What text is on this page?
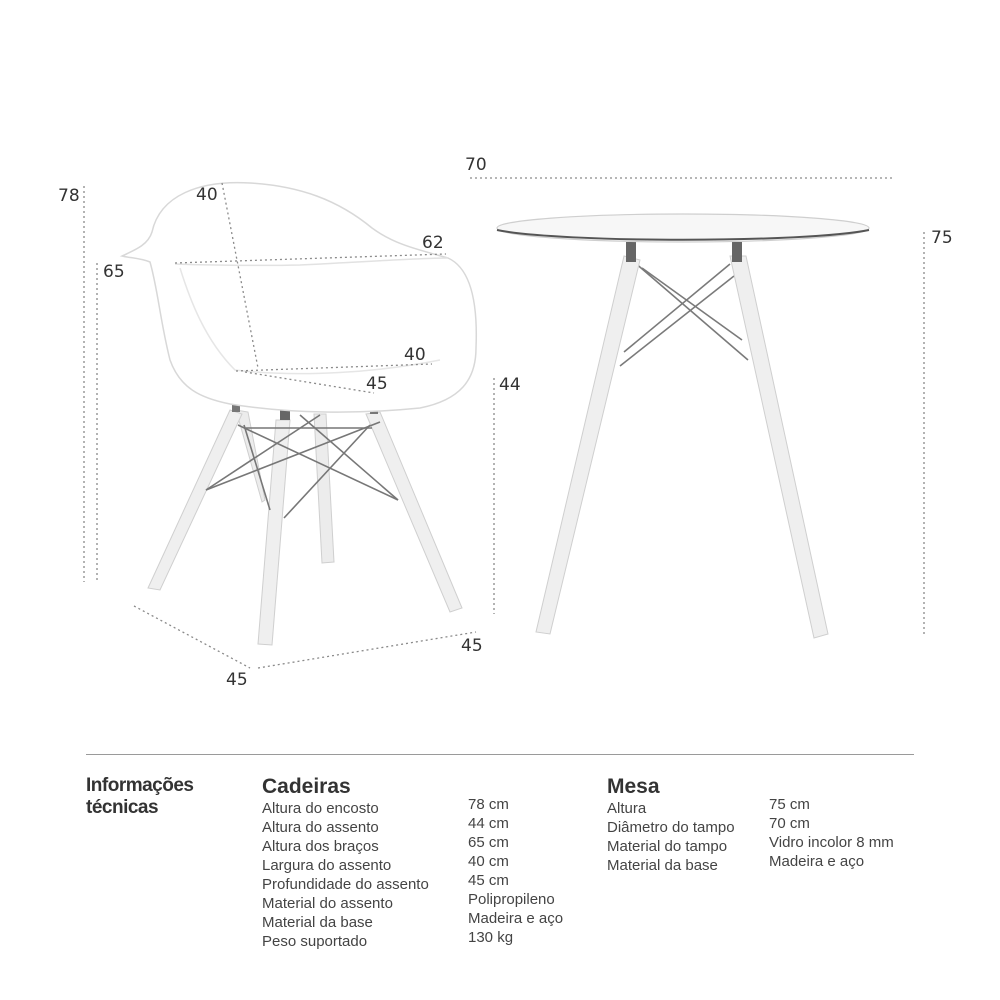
78
65
40
62
40
45	44
45
45
70
75
Informações
técnicas
Cadeiras
Altura do encosto	78 cm
Altura do assento	44 cm
Altura dos braços	65 cm
Largura do assento	40 cm
Profundidade do assento	45 cm
Material do assento	Polipropileno
Material da base	Madeira e aço
Peso suportado	130 kg
Mesa
Altura	75 cm
Diâmetro do tampo 70 cm
Material do tampo	Vidro incolor 8 mm
Material da base	Madeira e aço
